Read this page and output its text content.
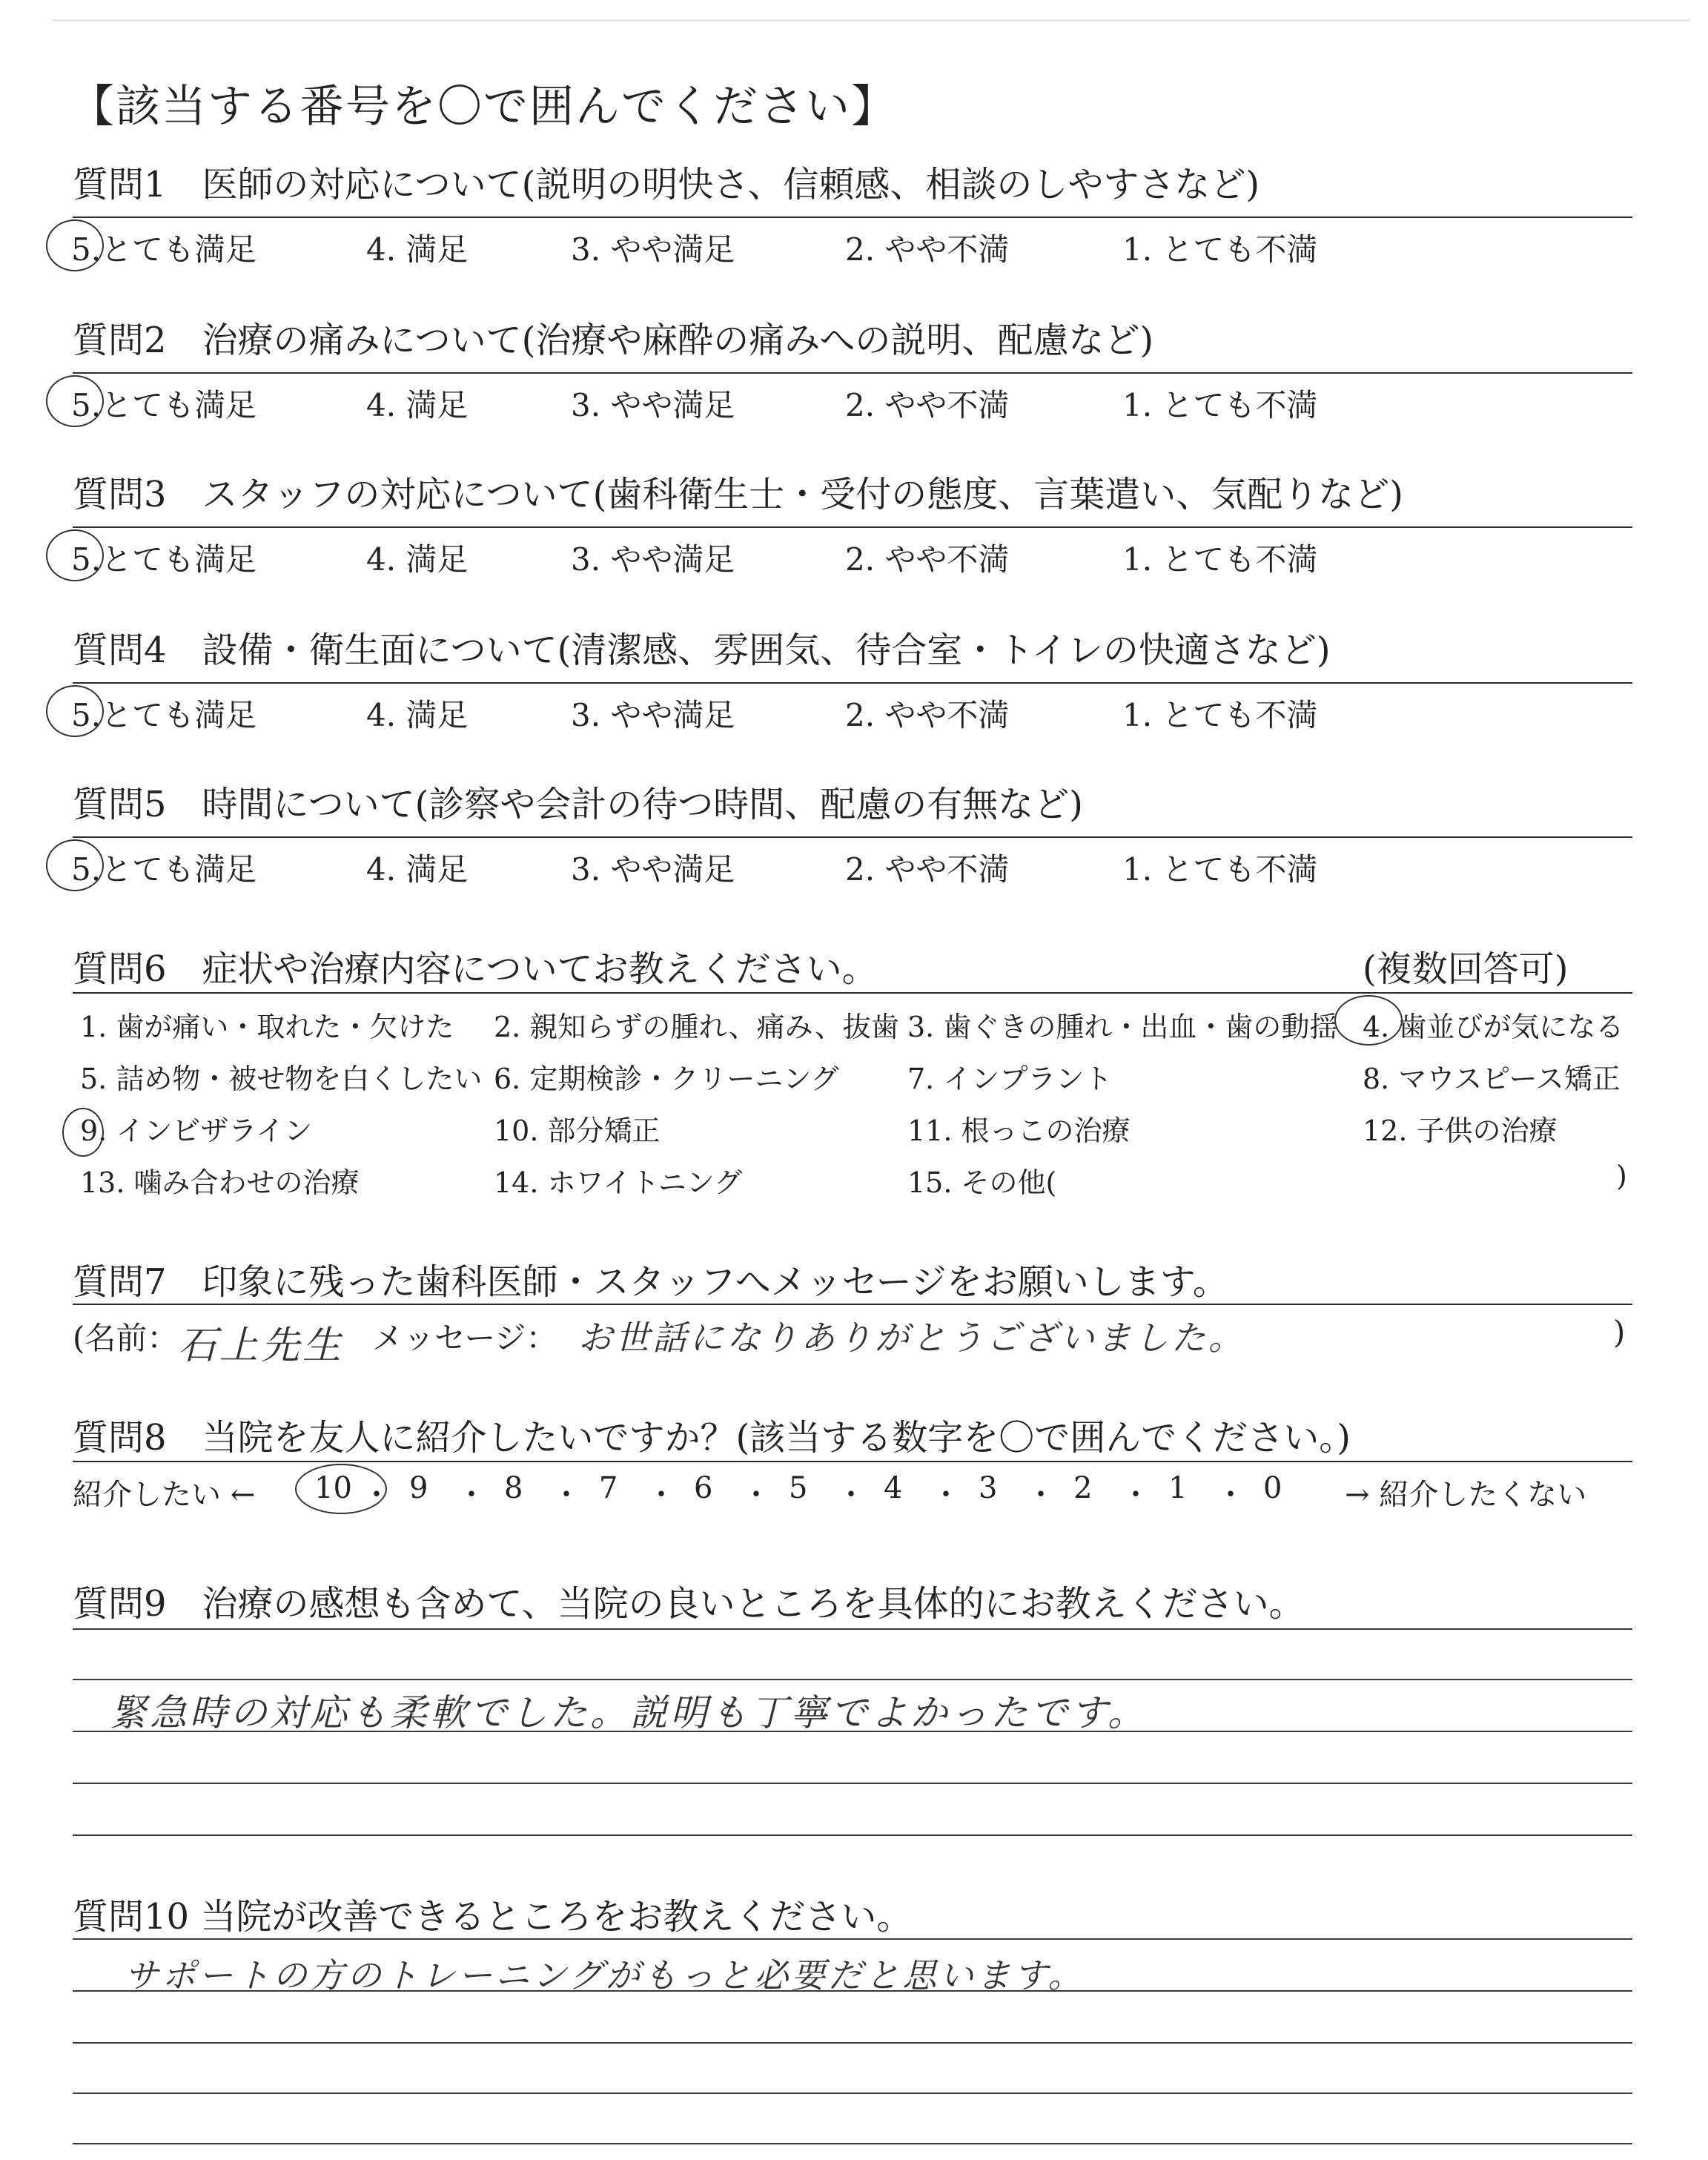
【該当する番号を〇で囲んでください】
質問1　医師の対応について(説明の明快さ、信頼感、相談のしやすさなど)
5.とても満足	4. 満足	3. やや満足	2. やや不満	1. とても不満
質問2　治療の痛みについて(治療や麻酔の痛みへの説明、配慮など)
5.とても満足	4. 満足	3. やや満足	2. やや不満	1. とても不満
質問3　スタッフの対応について(歯科衛生士・受付の態度、言葉遣い、気配りなど)
5.とても満足	4. 満足	3. やや満足	2. やや不満	1. とても不満
質問4　設備・衛生面について(清潔感、雰囲気、待合室・トイレの快適さなど)
5.とても満足	4. 満足	3. やや満足	2. やや不満	1. とても不満
質問5　時間について(診察や会計の待つ時間、配慮の有無など)
5.とても満足	4. 満足	3. やや満足	2. やや不満	1. とても不満
質問6　症状や治療内容についてお教えください。	(複数回答可)
1. 歯が痛い・取れた・欠けた 2. 親知らずの腫れ、痛み、抜歯 3. 歯ぐきの腫れ・出血・歯の動揺 4. 歯並びが気になる
5. 詰め物・被せ物を白くしたい 6. 定期検診・クリーニング 7. インプラント	8. マウスピース矯正
9. インビザライン	10. 部分矯正	11. 根っこの治療	12. 子供の治療
13. 噛み合わせの治療	14. ホワイトニング	15. その他(	)
質問7　印象に残った歯科医師・スタッフへメッセージをお願いします。
(名前： 石上先生 メッセージ： お世話になりありがとうございました。	)
質問8　当院を友人に紹介したいですか？(該当する数字を〇で囲んでください。)
紹介したい ← 10 ・ 9 ・ 8 ・ 7 ・ 6 ・ 5 ・ 4 ・ 3 ・ 2 ・ 1 ・ 0 → 紹介したくない
質問9　治療の感想も含めて、当院の良いところを具体的にお教えください。
緊急時の対応も柔軟でした。説明も丁寧でよかったです。
質問10 当院が改善できるところをお教えください。
サポートの方のトレーニングがもっと必要だと思います。
